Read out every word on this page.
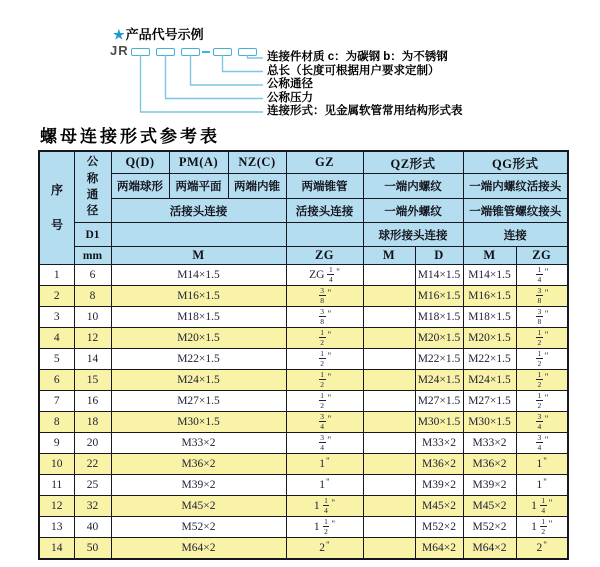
★产品代号示例
JR	连接件材质 c：为碳钢 b：为不锈钢
总长（长度可根据用户要求定制）
公称通径
公称压力
连接形式：见金属软管常用结构形式表
螺母连接形式参考表
序号	公称通径	Q(D)	PM(A)	NZ(C)	GZ	QZ形式		QG形式	
		两端球形	两端平面	两端内锥	两端锥管	一端内螺纹		一端内螺纹活接头	
		活接头连接			活接头连接	一端外螺纹		一端锥管螺纹接头	
	D1					球形接头连接		连接	
	mm	M			ZG	M	D	M	ZG
1	6	M14×1.5			ZG $\frac{1}{4} ^"$		M14×1.5	M14×1.5	$\frac{1}{4} ^"$
2	8	M16×1.5			$\frac{3}{8} ^"$		M16×1.5	M16×1.5	$\frac{3}{8} ^"$
3	10	M18×1.5			$\frac{3}{8} ^"$		M18×1.5	M18×1.5	$\frac{3}{8} ^"$
4	12	M20×1.5			$\frac{1}{2} ^"$		M20×1.5	M20×1.5	$\frac{1}{2} ^"$
5	14	M22×1.5			$\frac{1}{2} ^"$		M22×1.5	M22×1.5	$\frac{1}{2} ^"$
6	15	M24×1.5			$\frac{1}{2} ^"$		M24×1.5	M24×1.5	$\frac{1}{2} ^"$
7	16	M27×1.5			$\frac{1}{2} ^"$		M27×1.5	M27×1.5	$\frac{1}{2} ^"$
8	18	M30×1.5			$\frac{3}{4} ^"$		M30×1.5	M30×1.5	$\frac{3}{4} ^"$
9	20	M33×2			$\frac{3}{4} ^"$		M33×2	M33×2	$\frac{3}{4} ^"$
10	22	M36×2			1"		M36×2	M36×2	1"
11	25	M39×2			1"		M39×2	M39×2	1"
12	32	M45×2			$1 \frac{1}{4} ^"$		M45×2	M45×2	$1 \frac{1}{4} ^"$
13	40	M52×2			$1 \frac{1}{2} ^"$		M52×2	M52×2	$1 \frac{1}{2} ^"$
14	50	M64×2			2"		M64×2	M64×2	2"
